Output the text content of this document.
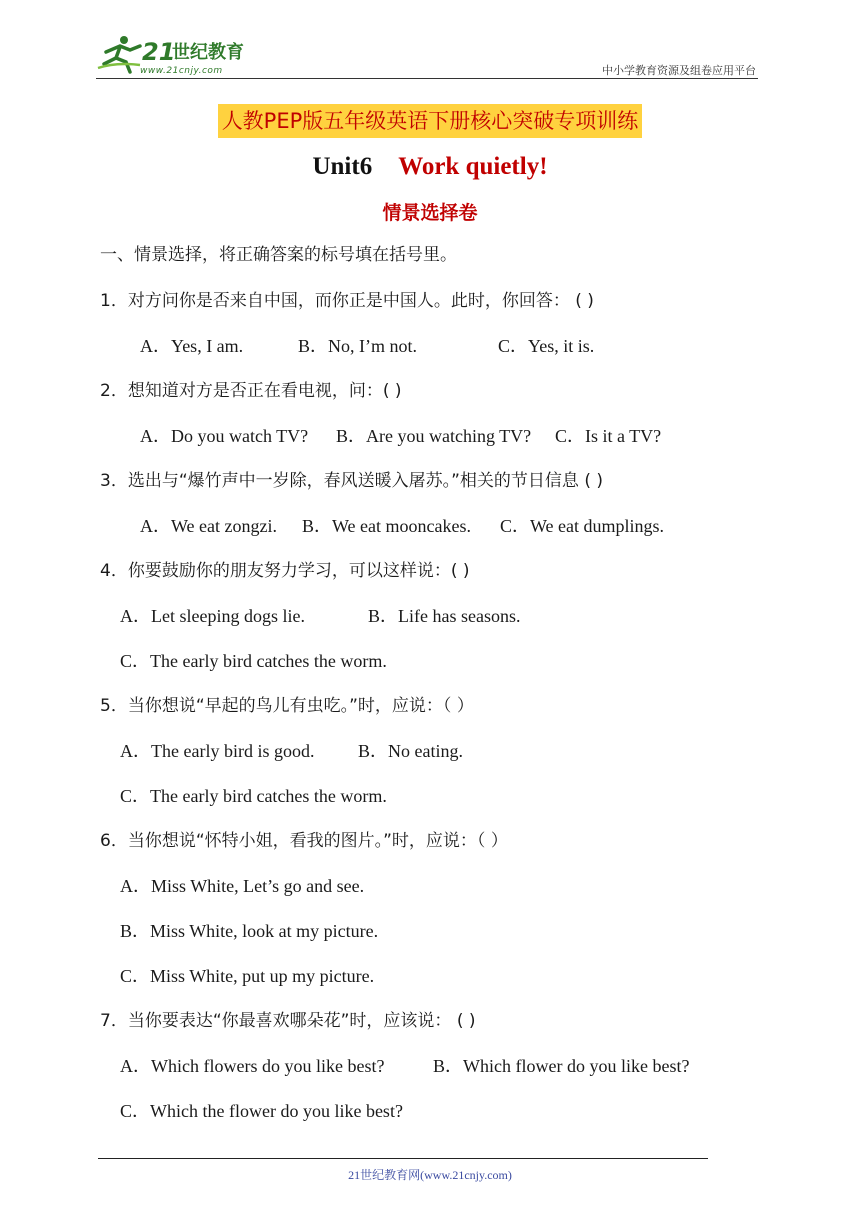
21
世纪教育
www.21cnjy.com	中小学教育资源及组卷应用平台
人教PEP版五年级英语下册核心突破专项训练
Unit6 Work quietly!
情景选择卷
一、情景选择，将正确答案的标号填在括号里。
1．对方问你是否来自中国，而你正是中国人。此时，你回答： ( )
A．Yes, I am.	B．No, I’m not.	C．Yes, it is.
2．想知道对方是否正在看电视，问：( )
A．Do you watch TV? B．Are you watching TV? C．Is it a TV?
3．选出与“爆竹声中一岁除，春风送暖入屠苏。”相关的节日信息 ( )
A．We eat zongzi. B．We eat mooncakes. C．We eat dumplings.
4．你要鼓励你的朋友努力学习，可以这样说：( )
A．Let sleeping dogs lie.	B．Life has seasons.
C．The early bird catches the worm.
5．当你想说“早起的鸟儿有虫吃。”时，应说：（ ）
A．The early bird is good. B．No eating.
C．The early bird catches the worm.
6．当你想说“怀特小姐，看我的图片。”时，应说：（ ）
A．Miss White, Let’s go and see.
B．Miss White, look at my picture.
C．Miss White, put up my picture.
7．当你要表达“你最喜欢哪朵花”时，应该说： ( )
A．Which flowers do you like best?	B．Which flower do you like best?
C．Which the flower do you like best?
21世纪教育网(www.21cnjy.com)
